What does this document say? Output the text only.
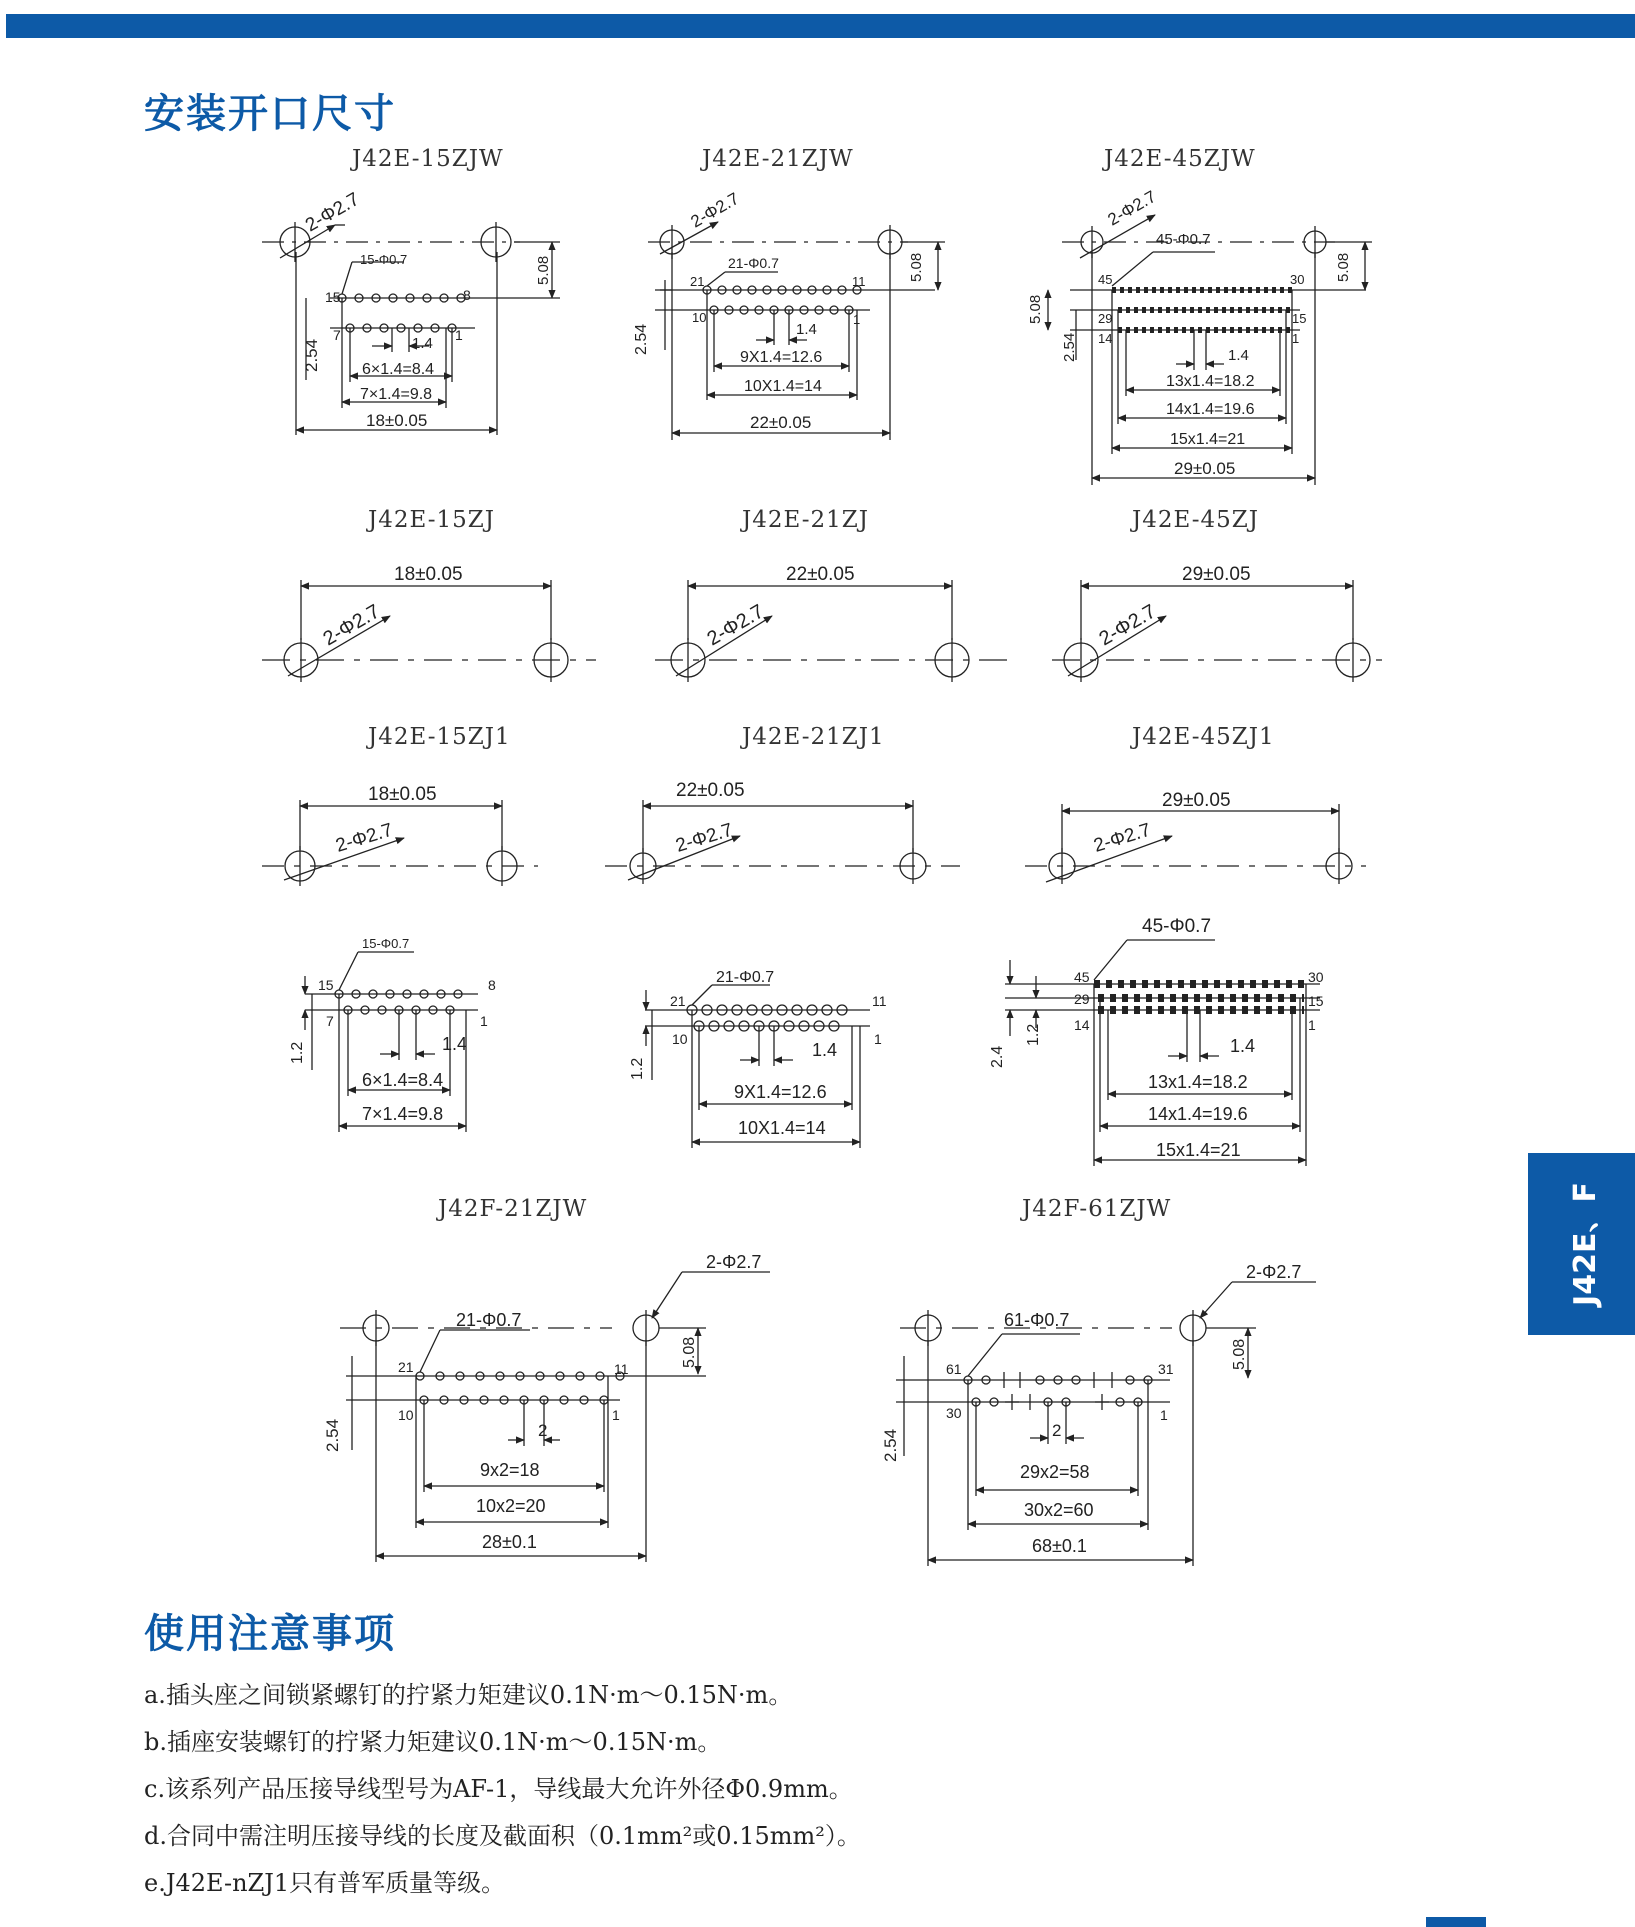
安装开口尺寸
J42E-15ZJW	J42E-21ZJW	J42E-45ZJW
J42E-15ZJ	J42E-21ZJ	J42E-45ZJ
J42E-15ZJ1	J42E-21ZJ1	J42E-45ZJ1
J42F-21ZJW	J42F-61ZJW
2-Φ2.7
15-Φ0.7	5.08
2.54
15	8
7	1
1.4
6×1.4=8.4
7×1.4=9.8
18±0.05
2-Φ2.7
21-Φ0.7	5.08
2.54
21	11
10	1
1.4
9X1.4=12.6
10X1.4=14
22±0.05
2-Φ2.7
45-Φ0.7
5.08
5.08
2.54
45	30
29	15
14	1
1.4
13x1.4=18.2
14x1.4=19.6
15x1.4=21
29±0.05
18±0.05
2-Φ2.7
22±0.05
2-Φ2.7
29±0.05
2-Φ2.7
18±0.05
2-Φ2.7
15-Φ0.7
15	8
7	1
1.2	1.4
6×1.4=8.4
7×1.4=9.8
22±0.05
2-Φ2.7
21-Φ0.7
21	11
10	1
1.2
1.4
9X1.4=12.6
10X1.4=14
29±0.05
2-Φ2.7
45-Φ0.7
45	30
29	15
14	1
2.4
1.2	1.4
13x1.4=18.2
14x1.4=19.6
15x1.4=21
2-Φ2.7
21-Φ0.7
5.08
2.54
21	11
10	1
2
9x2=18
10x2=20
28±0.1
2-Φ2.7
61-Φ0.7
5.08
2.54
61	31
30	1
2
29x2=58
30x2=60
68±0.1
使用注意事项
a.插头座之间锁紧螺钉的拧紧力矩建议0.1N·m～0.15N·m。
b.插座安装螺钉的拧紧力矩建议0.1N·m～0.15N·m。
c.该系列产品压接导线型号为AF-1，导线最大允许外径Φ0.9mm。
d.合同中需注明压接导线的长度及截面积（0.1mm²或0.15mm²）。
e.J42E-nZJ1只有普军质量等级。
J42E、F
